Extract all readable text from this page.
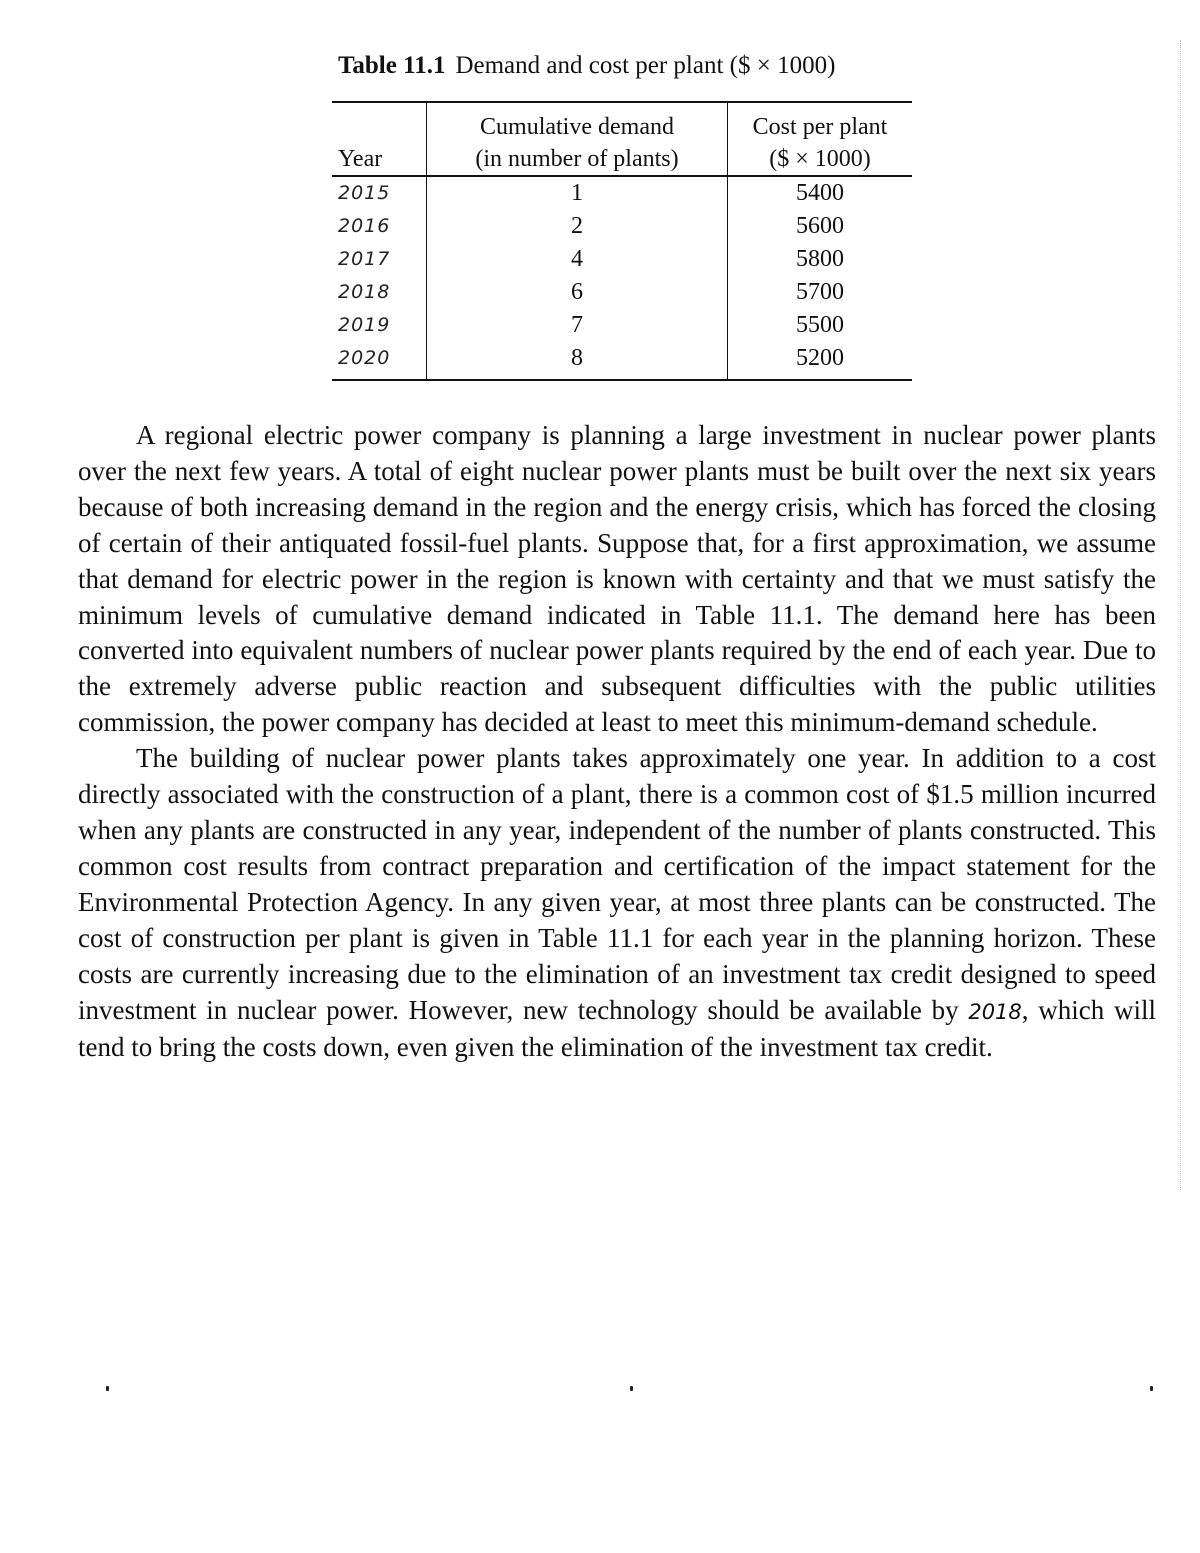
Table 11.1 Demand and cost per plant ($ × 1000)
	Cumulative demand	Cost per plant
Year	(in number of plants)	($ × 1000)
2015	1	5400
2016	2	5600
2017	4	5800
2018	6	5700
2019	7	5500
2020	8	5200

A regional electric power company is planning a large investment in nuclear power plants over the next few years. A total of eight nuclear power plants must be built over the next six years because of both increasing demand in the region and the energy crisis, which has forced the closing of certain of their antiquated fossil-fuel plants. Suppose that, for a first approximation, we assume that demand for electric power in the region is known with certainty and that we must satisfy the minimum levels of cumulative demand indicated in Table 11.1. The demand here has been converted into equivalent numbers of nuclear power plants required by the end of each year. Due to the extremely adverse public reaction and subsequent difficulties with the public utilities commission, the power company has decided at least to meet this minimum-demand schedule.

The building of nuclear power plants takes approximately one year. In addition to a cost directly associated with the construction of a plant, there is a common cost of $1.5 million incurred when any plants are constructed in any year, independent of the number of plants constructed. This common cost results from contract preparation and certification of the impact statement for the Environmental Protection Agency. In any given year, at most three plants can be constructed. The cost of construction per plant is given in Table 11.1 for each year in the planning horizon. These costs are currently increasing due to the elimination of an investment tax credit designed to speed investment in nuclear power. However, new technology should be available by 2018, which will tend to bring the costs down, even given the elimination of the investment tax credit.
